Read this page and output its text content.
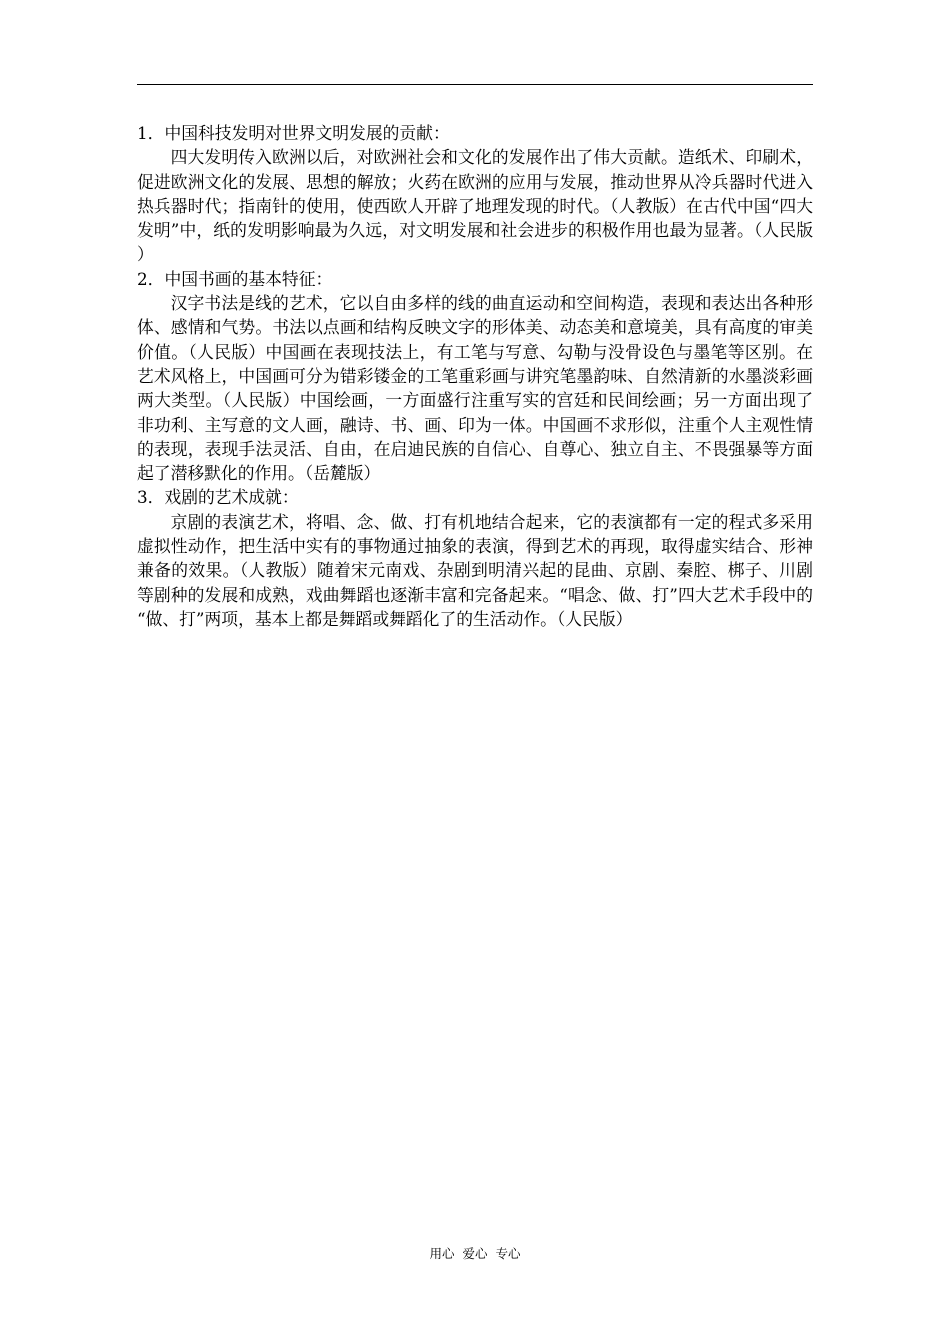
1．中国科技发明对世界文明发展的贡献：

四大发明传入欧洲以后，对欧洲社会和文化的发展作出了伟大贡献。造纸术、印刷术，促进欧洲文化的发展、思想的解放；火药在欧洲的应用与发展，推动世界从冷兵器时代进入热兵器时代；指南针的使用，使西欧人开辟了地理发现的时代。（人教版）在古代中国“四大发明”中，纸的发明影响最为久远，对文明发展和社会进步的积极作用也最为显著。（人民版）

2．中国书画的基本特征：

汉字书法是线的艺术，它以自由多样的线的曲直运动和空间构造，表现和表达出各种形体、感情和气势。书法以点画和结构反映文字的形体美、动态美和意境美，具有高度的审美价值。（人民版）中国画在表现技法上，有工笔与写意、勾勒与没骨设色与墨笔等区别。在艺术风格上，中国画可分为错彩镂金的工笔重彩画与讲究笔墨韵味、自然清新的水墨淡彩画两大类型。（人民版）中国绘画，一方面盛行注重写实的宫廷和民间绘画；另一方面出现了非功利、主写意的文人画，融诗、书、画、印为一体。中国画不求形似，注重个人主观性情的表现，表现手法灵活、自由，在启迪民族的自信心、自尊心、独立自主、不畏强暴等方面起了潜移默化的作用。（岳麓版）

3．戏剧的艺术成就：

京剧的表演艺术，将唱、念、做、打有机地结合起来，它的表演都有一定的程式多采用虚拟性动作，把生活中实有的事物通过抽象的表演，得到艺术的再现，取得虚实结合、形神兼备的效果。（人教版）随着宋元南戏、杂剧到明清兴起的昆曲、京剧、秦腔、梆子、川剧等剧种的发展和成熟，戏曲舞蹈也逐渐丰富和完备起来。“唱念、做、打”四大艺术手段中的“做、打”两项，基本上都是舞蹈或舞蹈化了的生活动作。（人民版）

用心  爱心  专心
